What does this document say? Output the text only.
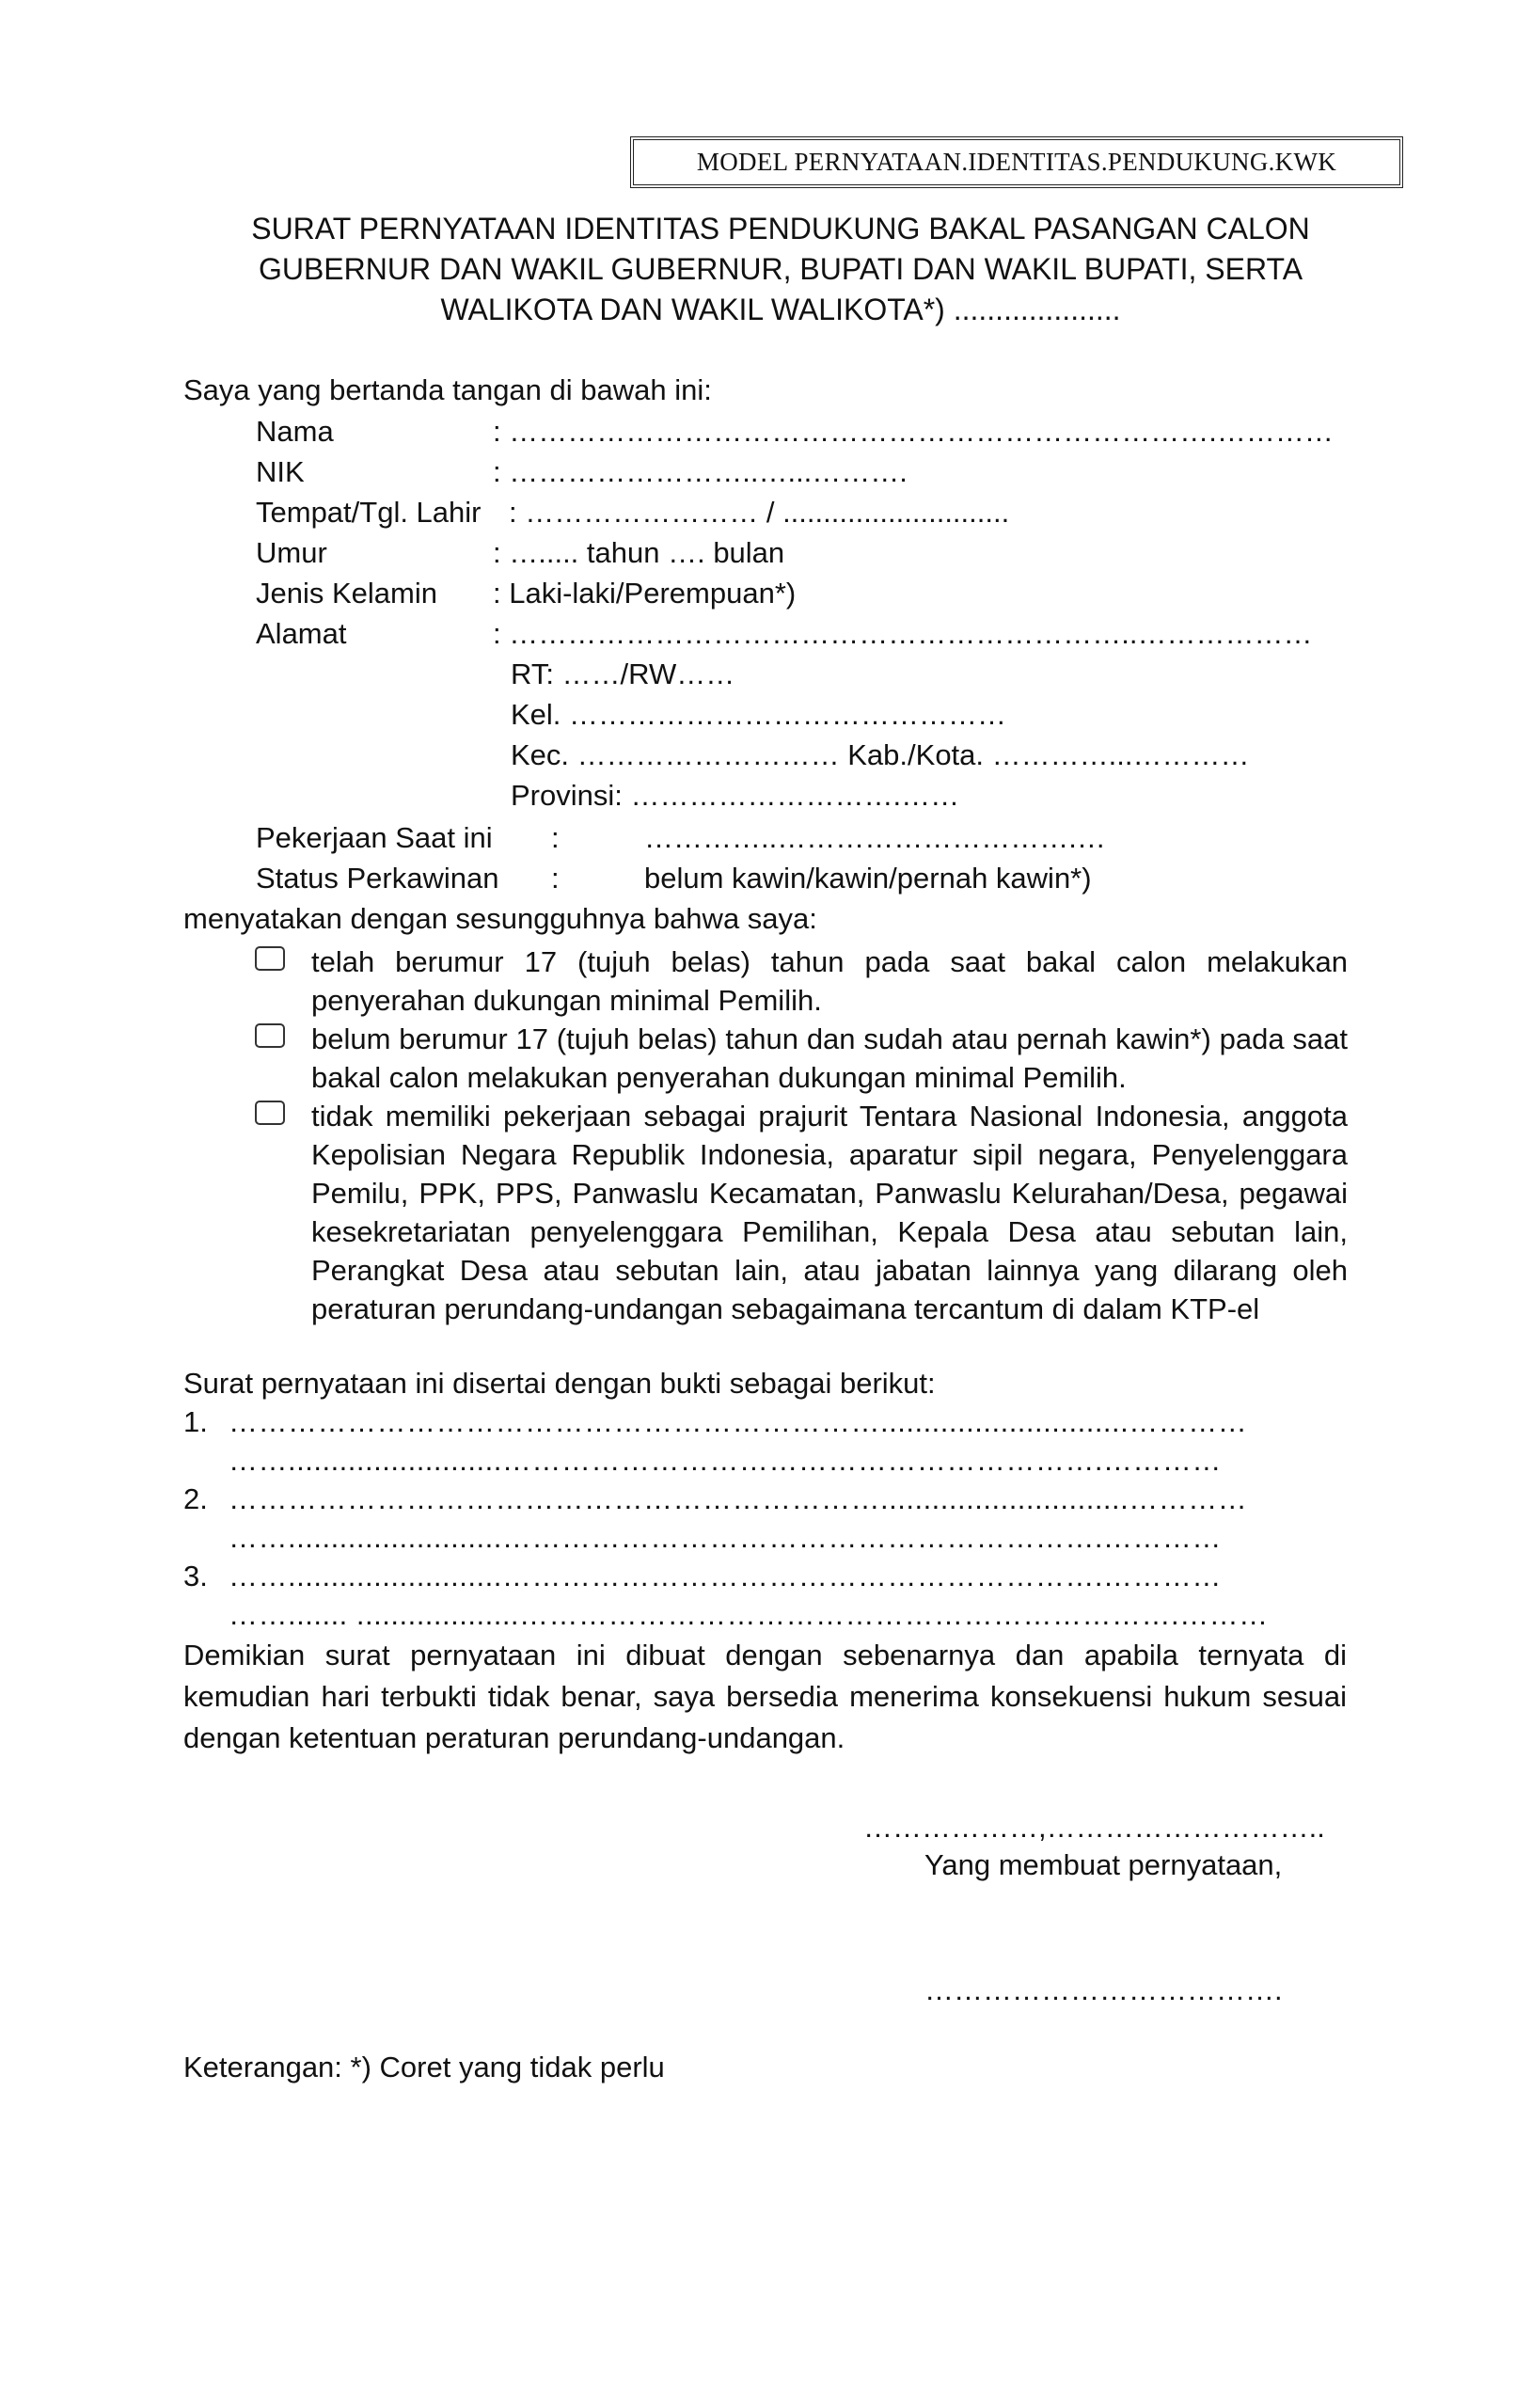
MODEL PERNYATAAN.IDENTITAS.PENDUKUNG.KWK
SURAT PERNYATAAN IDENTITAS PENDUKUNG BAKAL PASANGAN CALON
GUBERNUR DAN WAKIL GUBERNUR, BUPATI DAN WAKIL BUPATI, SERTA
WALIKOTA DAN WAKIL WALIKOTA*) ....................
Saya yang bertanda tangan di bawah ini:
Nama	: ……………………………………………………………….…………
NIK	: ……………………..…...……….
Tempat/Tgl. Lahir : …………………… / ............................
Umur	: …..... tahun …. bulan
Jenis Kelamin : Laki-laki/Perempuan*)
Alamat	: ………………………………………………………..………………
RT: ……/RW……
Kel. ………………………………………
Kec. ……………………… Kab./Kota. …………...…………
Provinsi: ……………………….……
Pekerjaan Saat ini :	…………..………………………….…
Status Perkawinan :	belum kawin/kawin/pernah kawin*)
menyatakan dengan sesungguhnya bahwa saya:
telah berumur 17 (tujuh belas) tahun pada saat bakal calon melakukan penyerahan dukungan minimal Pemilih.
belum berumur 17 (tujuh belas) tahun dan sudah atau pernah kawin*) pada saat bakal calon melakukan penyerahan dukungan minimal Pemilih.
tidak memiliki pekerjaan sebagai prajurit Tentara Nasional Indonesia, anggota Kepolisian Negara Republik Indonesia, aparatur sipil negara, Penyelenggara Pemilu, PPK, PPS, Panwaslu Kecamatan, Panwaslu Kelurahan/Desa, pegawai kesekretariatan penyelenggara Pemilihan, Kepala Desa atau sebutan lain, Perangkat Desa atau sebutan lain, atau jabatan lainnya yang dilarang oleh peraturan perundang-undangan sebagaimana tercantum di dalam KTP-el
Surat pernyataan ini disertai dengan bukti sebagai berikut:
1. ………………………………………………………….............................…………
…….........................…………………………………………………….…………
2. ………………………………………………………….............................…………
…….........................…………………………………………………….…………
3. …….........................…………………………………………………….…………
……....... ...................………………………………………………………….………
Demikian surat pernyataan ini dibuat dengan sebenarnya dan apabila ternyata di kemudian hari terbukti tidak benar, saya bersedia menerima konsekuensi hukum sesuai dengan ketentuan peraturan perundang-undangan.
………………,………………………..
Yang membuat pernyataan,
……………………………….
Keterangan: *) Coret yang tidak perlu
